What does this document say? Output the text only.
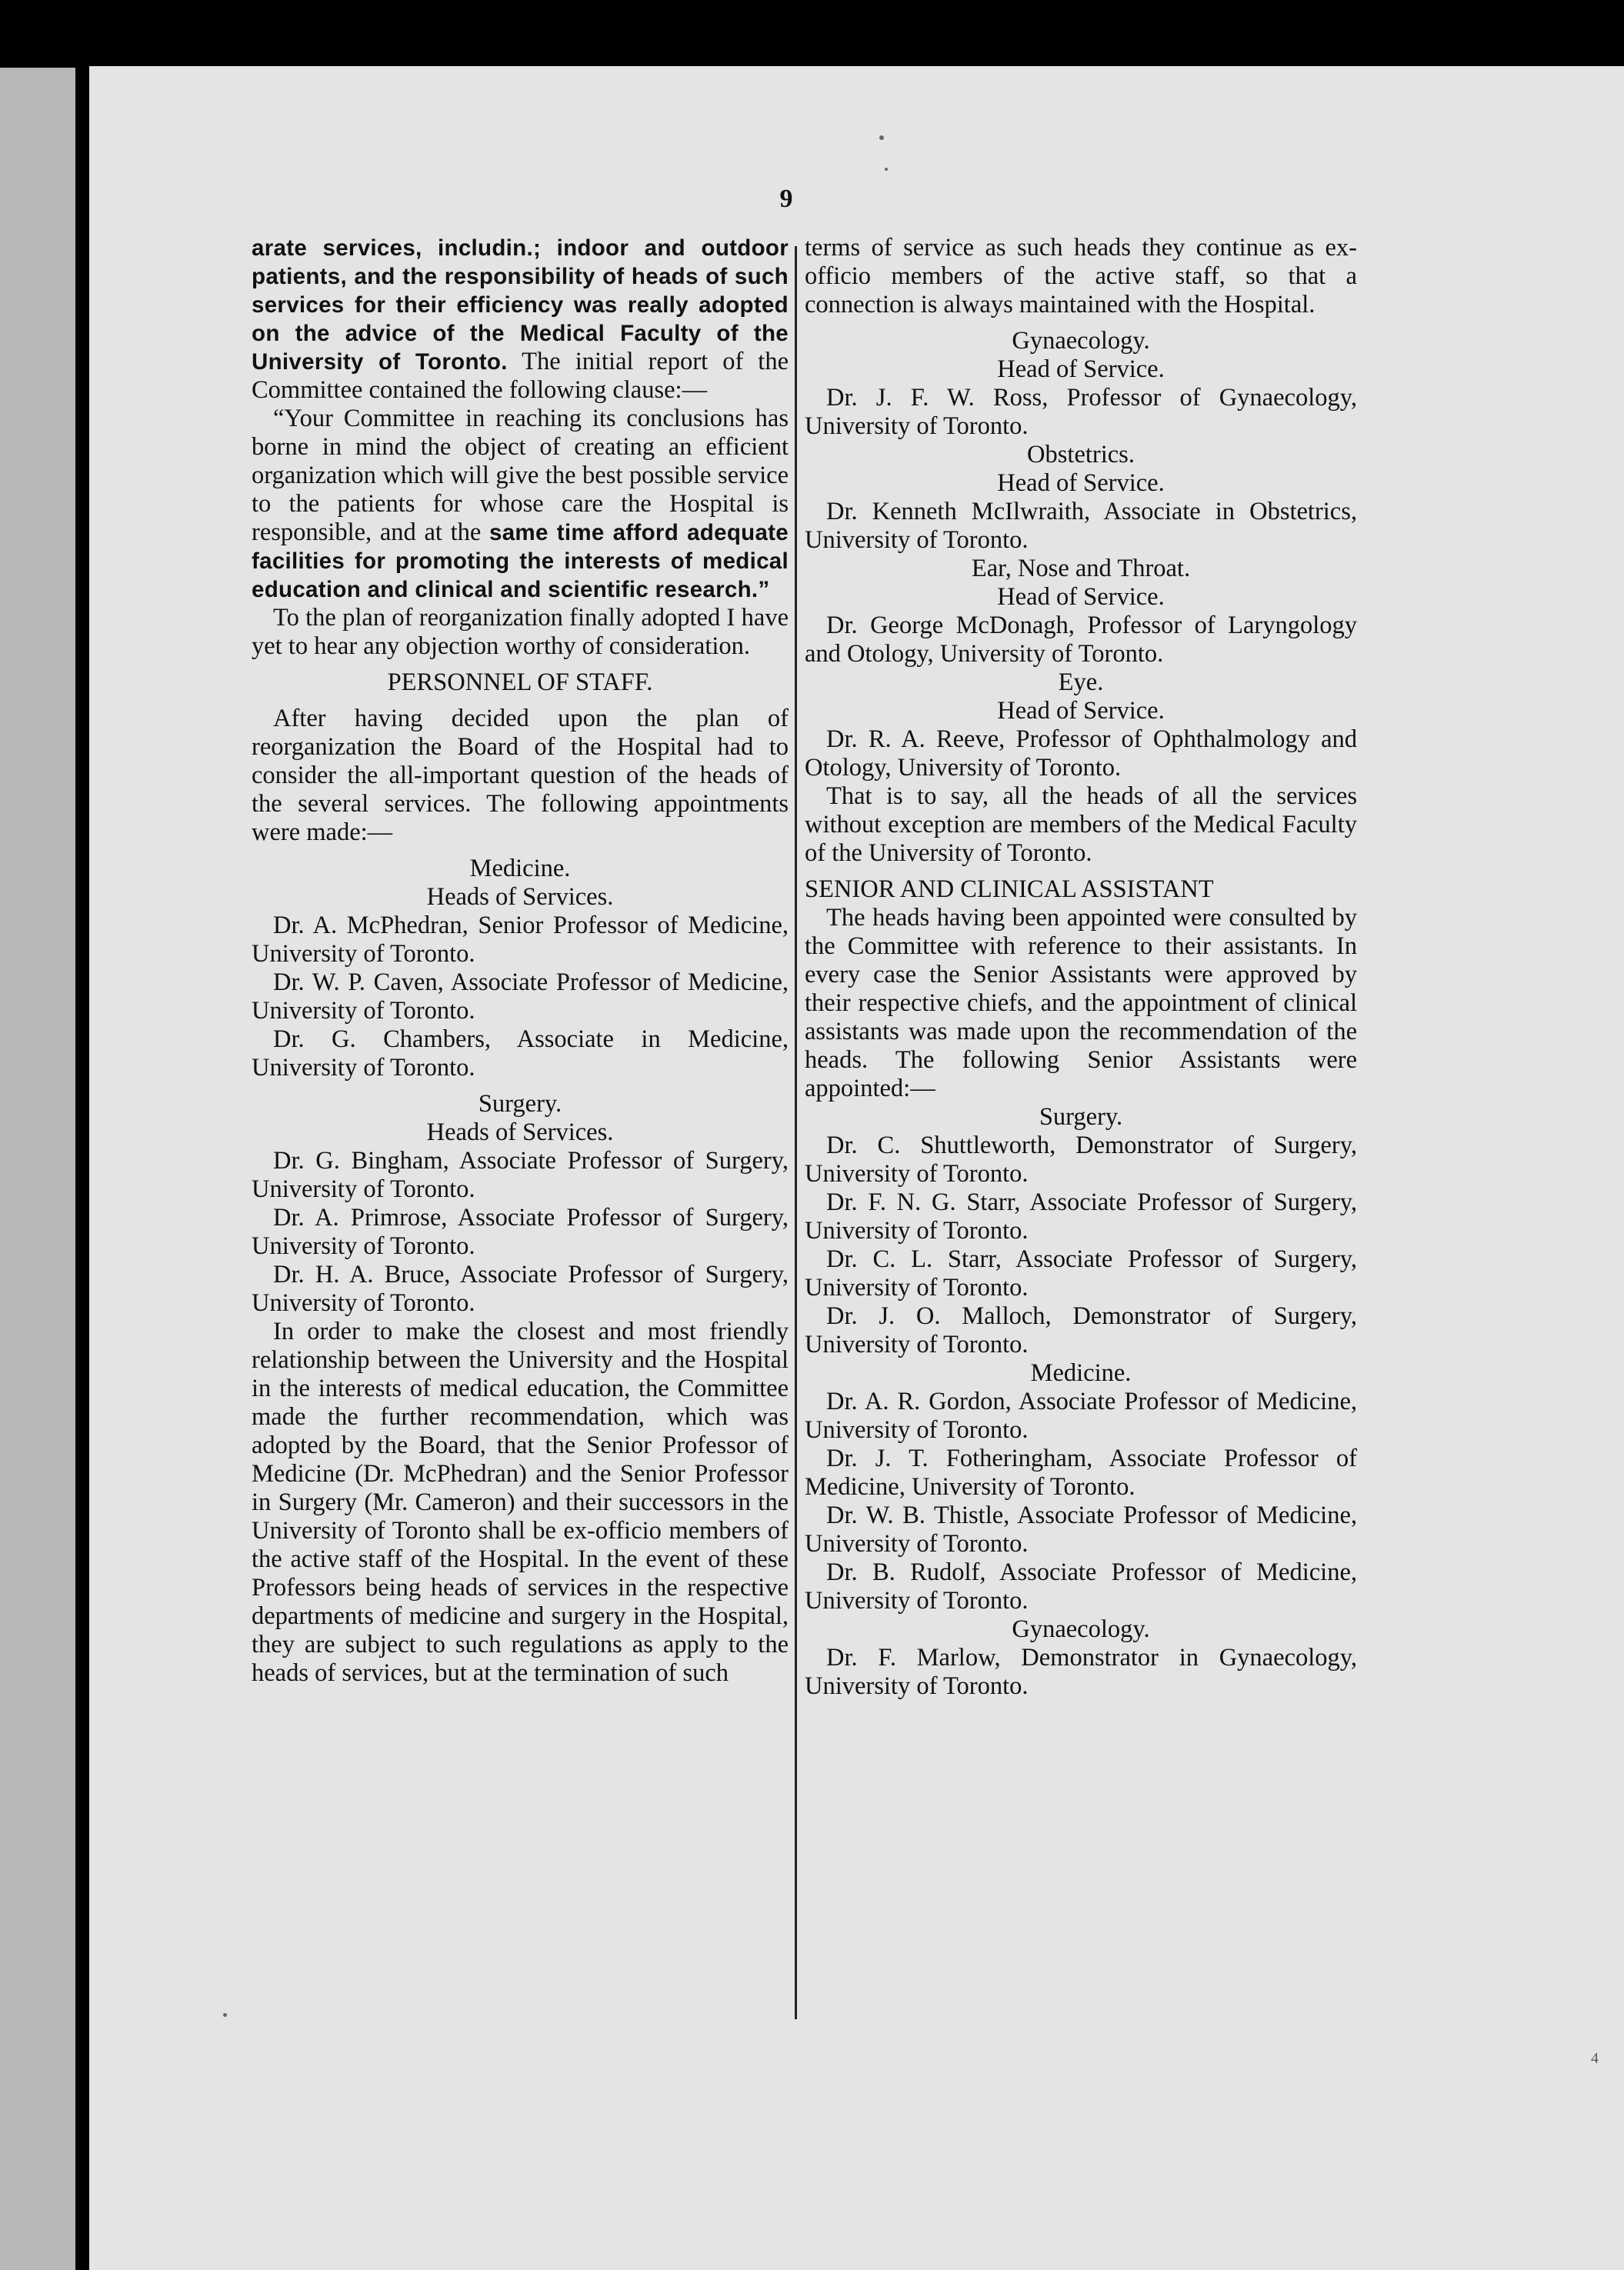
9

arate services, includin.; indoor and outdoor patients, and the responsibility of heads of such services for their efficiency was really adopted on the advice of the Medical Faculty of the University of Toronto. The initial report of the Committee contained the following clause:—

“Your Committee in reaching its conclusions has borne in mind the object of creating an efficient organization which will give the best possible service to the patients for whose care the Hospital is responsible, and at the same time afford adequate facilities for promoting the interests of medical education and clinical and scientific research.”

To the plan of reorganization finally adopted I have yet to hear any objection worthy of consideration.

PERSONNEL OF STAFF.

After having decided upon the plan of reorganization the Board of the Hospital had to consider the all-important question of the heads of the several services. The following appointments were made:—

Medicine.

Heads of Services.

Dr. A. McPhedran, Senior Professor of Medicine, University of Toronto.

Dr. W. P. Caven, Associate Professor of Medicine, University of Toronto.

Dr. G. Chambers, Associate in Medicine, University of Toronto.

Surgery.

Heads of Services.

Dr. G. Bingham, Associate Professor of Surgery, University of Toronto.

Dr. A. Primrose, Associate Professor of Surgery, University of Toronto.

Dr. H. A. Bruce, Associate Professor of Surgery, University of Toronto.

In order to make the closest and most friendly relationship between the University and the Hospital in the interests of medical education, the Committee made the further recommendation, which was adopted by the Board, that the Senior Professor of Medicine (Dr. McPhedran) and the Senior Professor in Surgery (Mr. Cameron) and their successors in the University of Toronto shall be ex-officio members of the active staff of the Hospital. In the event of these Professors being heads of services in the respective departments of medicine and surgery in the Hospital, they are subject to such regulations as apply to the heads of services, but at the termination of such

terms of service as such heads they continue as ex-officio members of the active staff, so that a connection is always maintained with the Hospital.

Gynaecology.

Head of Service.

Dr. J. F. W. Ross, Professor of Gynaecology, University of Toronto.

Obstetrics.

Head of Service.

Dr. Kenneth McIlwraith, Associate in Obstetrics, University of Toronto.

Ear, Nose and Throat.

Head of Service.

Dr. George McDonagh, Professor of Laryngology and Otology, University of Toronto.

Eye.

Head of Service.

Dr. R. A. Reeve, Professor of Ophthalmology and Otology, University of Toronto.

That is to say, all the heads of all the services without exception are members of the Medical Faculty of the University of Toronto.

SENIOR AND CLINICAL ASSISTANT

The heads having been appointed were consulted by the Committee with reference to their assistants. In every case the Senior Assistants were approved by their respective chiefs, and the appointment of clinical assistants was made upon the recommendation of the heads. The following Senior Assistants were appointed:—

Surgery.

Dr. C. Shuttleworth, Demonstrator of Surgery, University of Toronto.

Dr. F. N. G. Starr, Associate Professor of Surgery, University of Toronto.

Dr. C. L. Starr, Associate Professor of Surgery, University of Toronto.

Dr. J. O. Malloch, Demonstrator of Surgery, University of Toronto.

Medicine.

Dr. A. R. Gordon, Associate Professor of Medicine, University of Toronto.

Dr. J. T. Fotheringham, Associate Professor of Medicine, University of Toronto.

Dr. W. B. Thistle, Associate Professor of Medicine, University of Toronto.

Dr. B. Rudolf, Associate Professor of Medicine, University of Toronto.

Gynaecology.

Dr. F. Marlow, Demonstrator in Gynaecology, University of Toronto.

4
